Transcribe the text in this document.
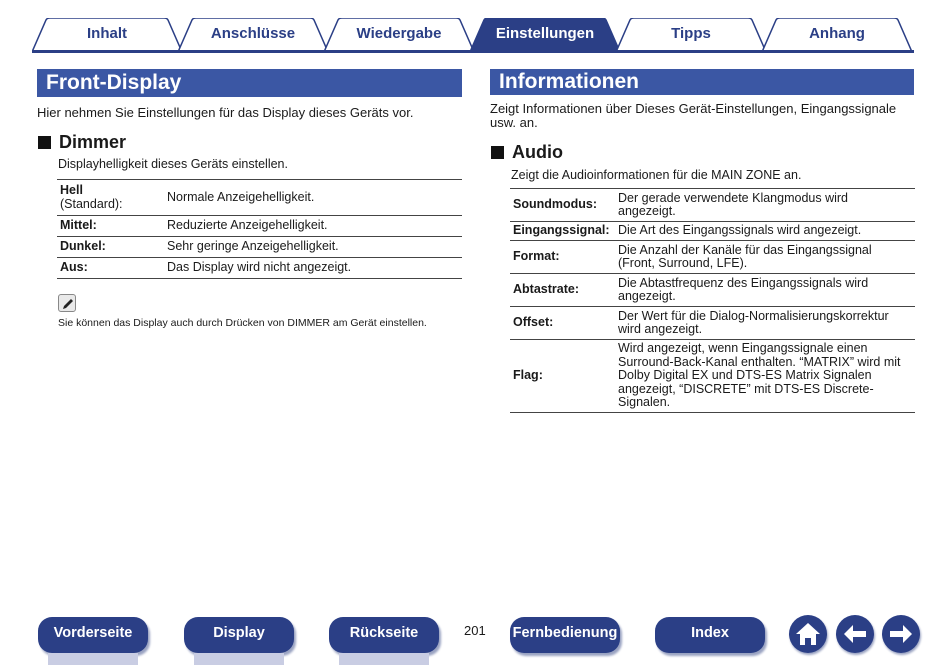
Inhalt	Anschlüsse	Wiedergabe	Einstellungen	Tipps	Anhang
Front-Display
Hier nehmen Sie Einstellungen für das Display dieses Geräts vor.
Dimmer
Displayhelligkeit dieses Geräts einstellen.
Hell
(Standard):	Normale Anzeigehelligkeit.
Mittel:	Reduzierte Anzeigehelligkeit.
Dunkel:	Sehr geringe Anzeigehelligkeit.
Aus:	Das Display wird nicht angezeigt.
Sie können das Display auch durch Drücken von DIMMER am Gerät einstellen.
Informationen
Zeigt Informationen über Dieses Gerät-Einstellungen, Eingangssignale
usw. an.
Audio
Zeigt die Audioinformationen für die MAIN ZONE an.
Soundmodus:	Der gerade verwendete Klangmodus wird
angezeigt.
Eingangssignal:	Die Art des Eingangssignals wird angezeigt.
Format:	Die Anzahl der Kanäle für das Eingangssignal
(Front, Surround, LFE).
Abtastrate:	Die Abtastfrequenz des Eingangssignals wird
angezeigt.
Offset:	Der Wert für die Dialog-Normalisierungskorrektur
wird angezeigt.
Flag:	Wird angezeigt, wenn Eingangssignale einen
Surround-Back-Kanal enthalten. “MATRIX” wird mit
Dolby Digital EX und DTS-ES Matrix Signalen
angezeigt, “DISCRETE” mit DTS-ES Discrete-
Signalen.
Vorderseite	Display	Rückseite	201 Fernbedienung	Index
